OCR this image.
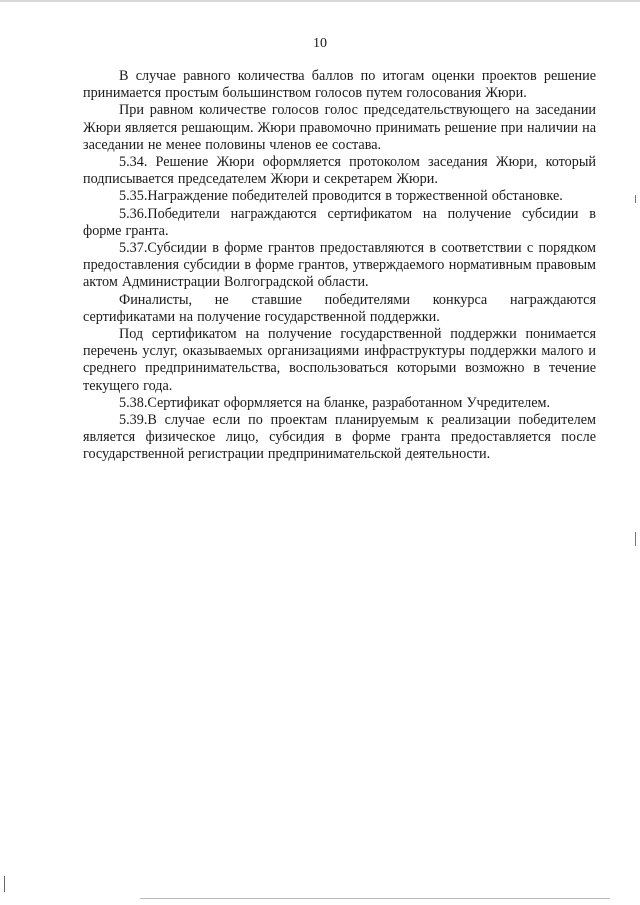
10

В случае равного количества баллов по итогам оценки проектов решение принимается простым большинством голосов путем голосования Жюри.

При равном количестве голосов голос председательствующего на заседании Жюри является решающим. Жюри правомочно принимать решение при наличии на заседании не менее половины членов ее состава.

5.34. Решение Жюри оформляется протоколом заседания Жюри, который подписывается председателем Жюри и секретарем Жюри.

5.35.Награждение победителей проводится в торжественной обстановке.

5.36.Победители награждаются сертификатом на получение субсидии в форме гранта.

5.37.Субсидии в форме грантов предоставляются в соответствии с порядком предоставления субсидии в форме грантов, утверждаемого нормативным правовым актом Администрации Волгоградской области.

Финалисты, не ставшие победителями конкурса награждаются сертификатами на получение государственной поддержки.

Под сертификатом на получение государственной поддержки понимается перечень услуг, оказываемых организациями инфраструктуры поддержки малого и среднего предпринимательства, воспользоваться которыми возможно в течение текущего года.

5.38.Сертификат оформляется на бланке, разработанном Учредителем.

5.39.В случае если по проектам планируемым к реализации победителем является физическое лицо, субсидия в форме гранта предоставляется после государственной регистрации предпринимательской деятельности.
